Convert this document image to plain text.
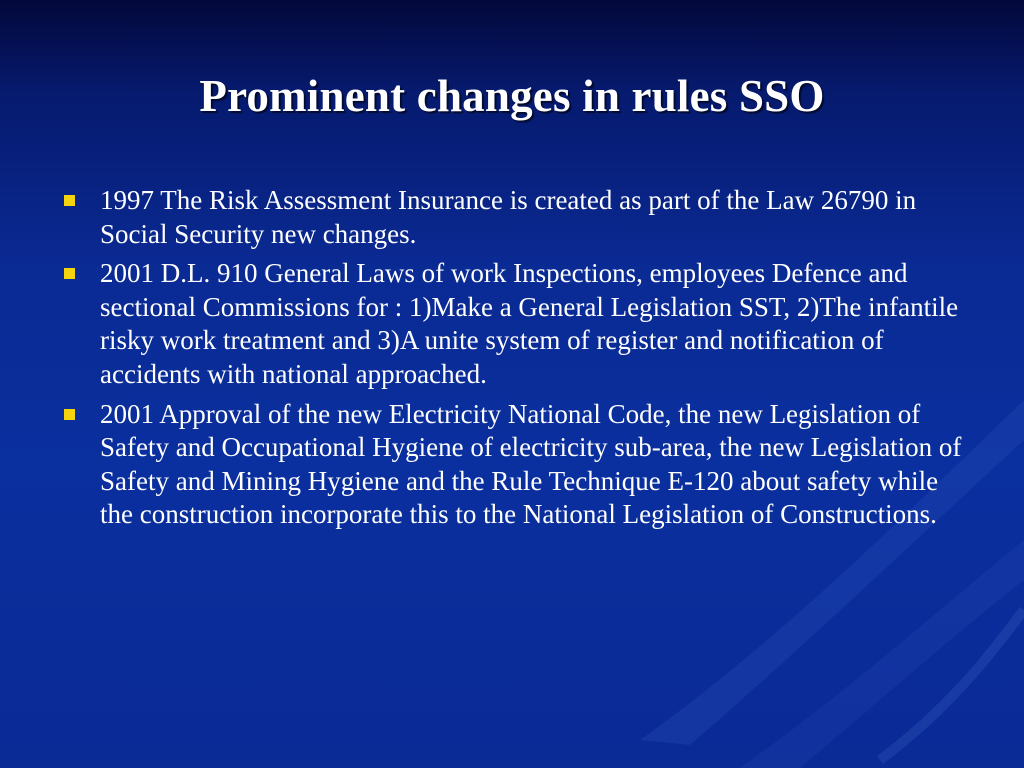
Prominent changes in rules SSO
1997 The Risk Assessment Insurance is created as part of the Law 26790 in Social Security new changes.
2001 D.L. 910 General Laws of work Inspections, employees Defence and sectional Commissions for : 1)Make a General Legislation SST, 2)The infantile risky work treatment and 3)A unite system of register and notification of accidents with national approached.
2001 Approval of the new Electricity National Code, the new Legislation of Safety and Occupational Hygiene of electricity sub-area, the new Legislation of Safety and Mining Hygiene and the Rule Technique E-120 about safety while the construction incorporate this to the National Legislation of Constructions.
